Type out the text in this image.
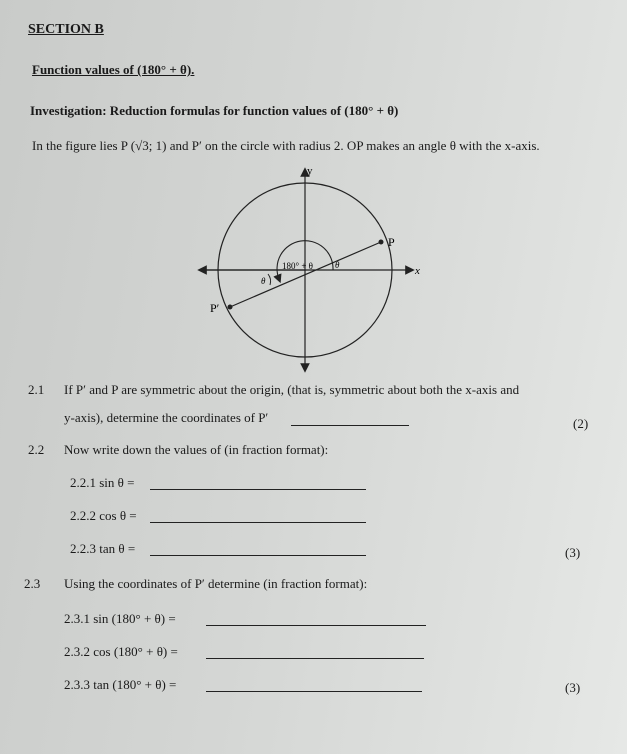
SECTION B
Function values of (180° + θ).
Investigation: Reduction formulas for function values of (180° + θ)
In the figure lies P (√3; 1) and P′ on the circle with radius 2. OP makes an angle θ with the x-axis.
y
x
P
P′
180° + θ
θ
θ
2.1 If P′ and P are symmetric about the origin, (that is, symmetric about both the x-axis and
y-axis), determine the coordinates of P′	(2)
2.2 Now write down the values of (in fraction format):
2.2.1 sin θ =
2.2.2 cos θ =
2.2.3 tan θ =	(3)
2.3 Using the coordinates of P′ determine (in fraction format):
2.3.1 sin (180° + θ) =
2.3.2 cos (180° + θ) =
2.3.3 tan (180° + θ) =	(3)
